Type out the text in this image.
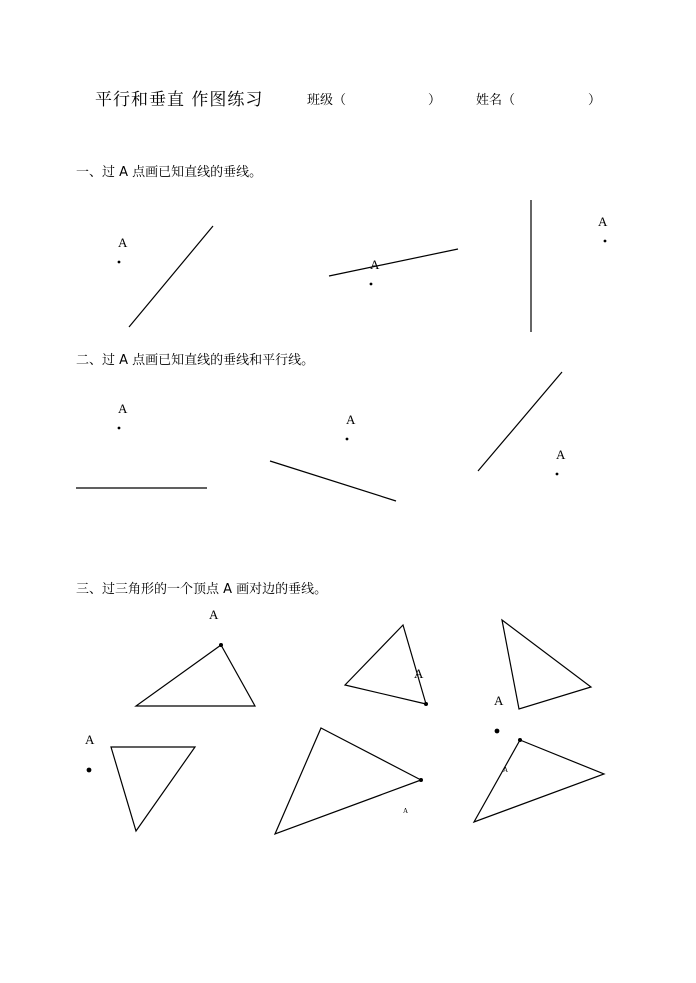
平行和垂直 作图练习	班级（	）	姓名（	）
一、过 A 点画已知直线的垂线。
二、过 A 点画已知直线的垂线和平行线。
三、过三角形的一个顶点 A 画对边的垂线。
A
A
A
A
A
A
A
A
A
A
A
A
